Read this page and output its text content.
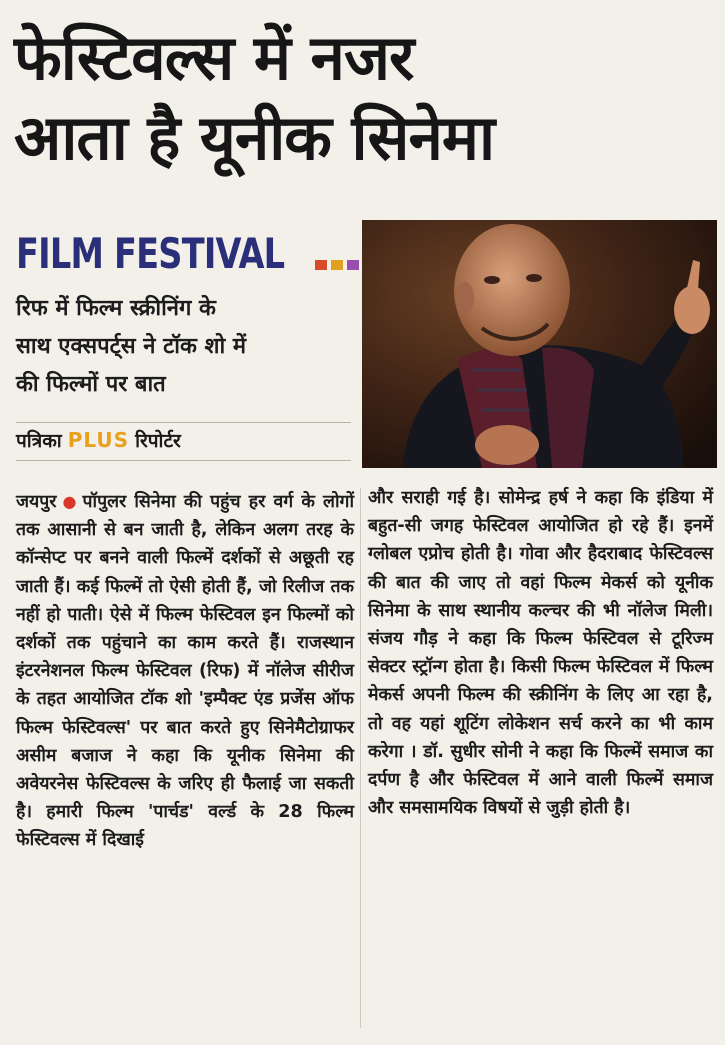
फेस्टिवल्स में नजर
आता है यूनीक सिनेमा
FILM FESTIVAL
रिफ में फिल्म स्क्रीनिंग के
साथ एक्सपर्ट्स ने टॉक शो में
की फिल्मों पर बात
पत्रिका PLUS रिपोर्टर
जयपुर ● पॉपुलर सिनेमा की पहुंच हर वर्ग के लोगों तक आसानी से बन जाती है, लेकिन अलग तरह के कॉन्सेप्ट पर बनने वाली फिल्में दर्शकों से अछूती रह जाती हैं। कई फिल्में तो ऐसी होती हैं, जो रिलीज तक नहीं हो पाती। ऐसे में फिल्म फेस्टिवल इन फिल्मों को दर्शकों तक पहुंचाने का काम करते हैं। राजस्थान इंटरनेशनल फिल्म फेस्टिवल (रिफ) में नॉलेज सीरीज के तहत आयोजित टॉक शो 'इम्पैक्ट एंड प्रजेंस ऑफ फिल्म फेस्टिवल्स' पर बात करते हुए सिनेमैटोग्राफर असीम बजाज ने कहा कि यूनीक सिनेमा की अवेयरनेस फेस्टिवल्स के जरिए ही फैलाई जा सकती है। हमारी फिल्म 'पार्चड' वर्ल्ड के 28 फिल्म फेस्टिवल्स में दिखाई
और सराही गई है। सोमेन्द्र हर्ष ने कहा कि इंडिया में बहुत-सी जगह फेस्टिवल आयोजित हो रहे हैं। इनमें ग्लोबल एप्रोच होती है। गोवा और हैदराबाद फेस्टिवल्स की बात की जाए तो वहां फिल्म मेकर्स को यूनीक सिनेमा के साथ स्थानीय कल्चर की भी नॉलेज मिली। संजय गौड़ ने कहा कि फिल्म फेस्टिवल से टूरिज्म सेक्टर स्ट्रॉन्ग होता है। किसी फिल्म फेस्टिवल में फिल्म मेकर्स अपनी फिल्म की स्क्रीनिंग के लिए आ रहा है, तो वह यहां शूटिंग लोकेशन सर्च करने का भी काम करेगा । डॉ. सुधीर सोनी ने कहा कि फिल्में समाज का दर्पण है और फेस्टिवल में आने वाली फिल्में समाज और समसामयिक विषयों से जुड़ी होती है।
